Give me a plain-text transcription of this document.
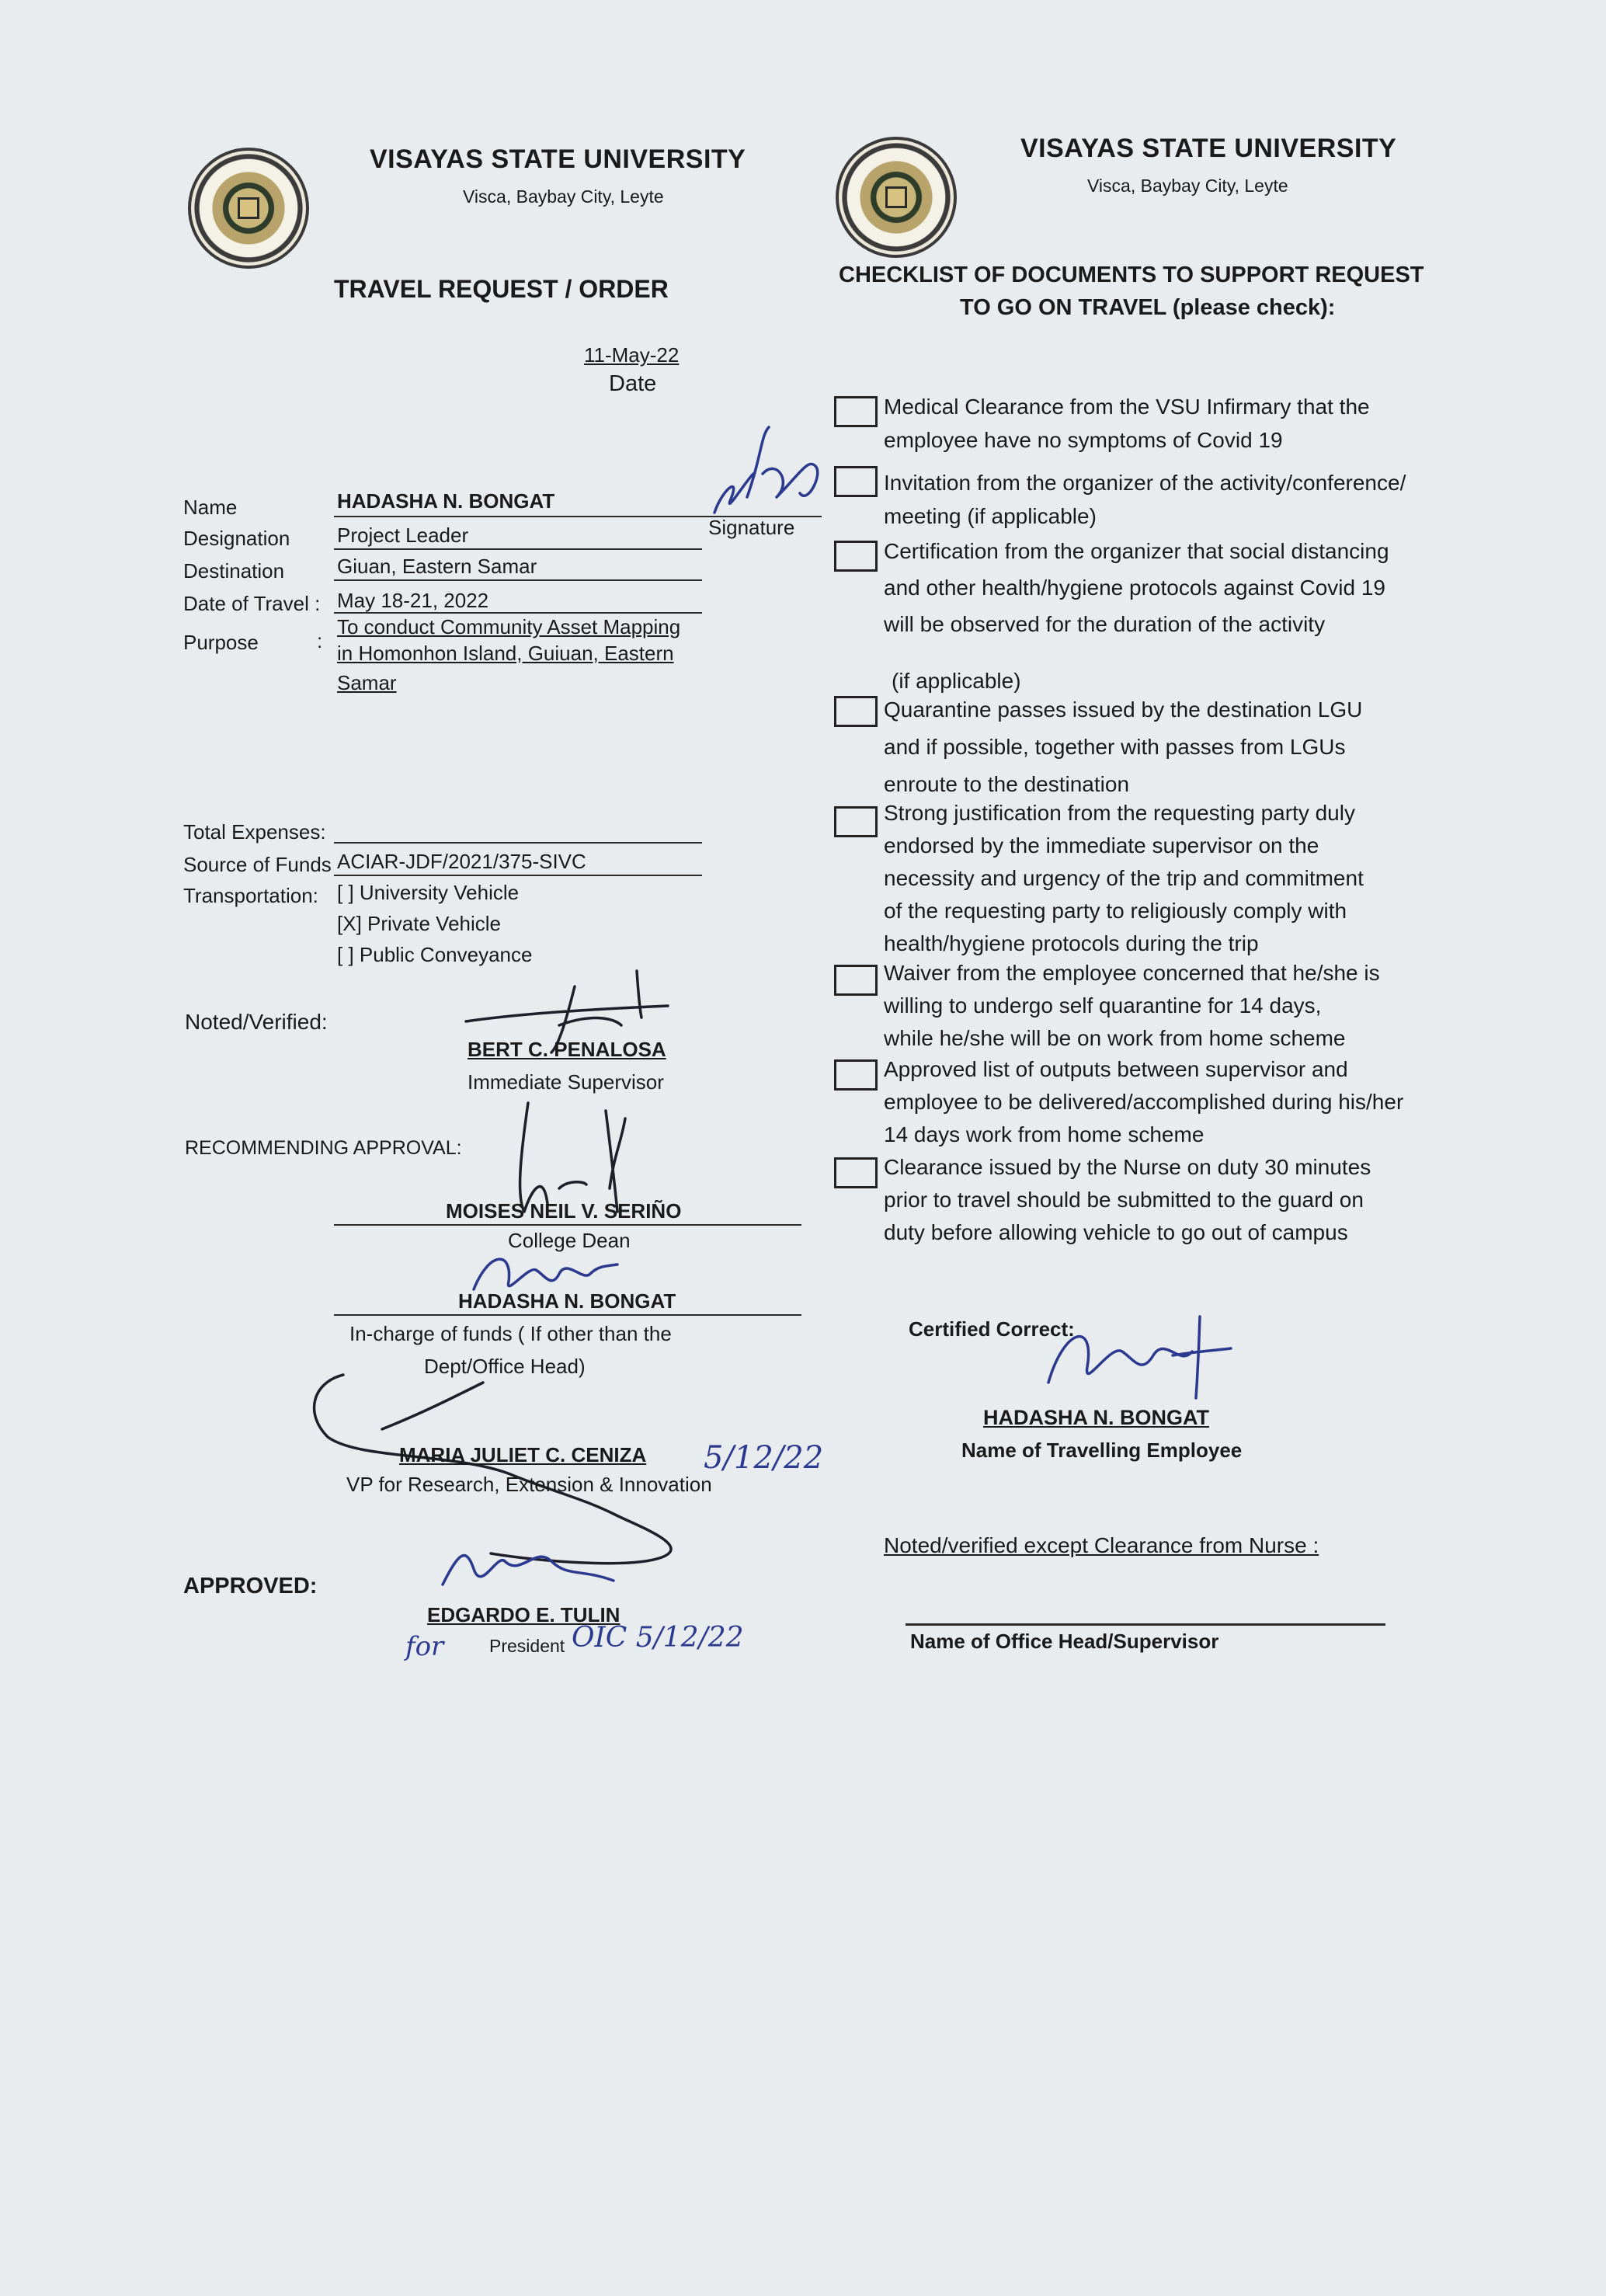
VISAYAS STATE UNIVERSITY
Visca, Baybay City, Leyte
TRAVEL REQUEST / ORDER
11-May-22
Date
Signature
Name	HADASHA N. BONGAT
Designation Project Leader
Destination	Giuan, Eastern Samar
Date of Travel : May 18-21, 2022
Purpose	:
To conduct Community Asset Mapping
in Homonhon Island, Guiuan, Eastern
Samar
Total Expenses:
Source of Funds ACIAR-JDF/2021/375-SIVC
Transportation: [ ] University Vehicle
[X] Private Vehicle
[ ] Public Conveyance
Noted/Verified:
BERT C. PENALOSA
Immediate Supervisor
RECOMMENDING APPROVAL:
MOISES NEIL V. SERIÑO
College Dean
HADASHA N. BONGAT
In-charge of funds ( If other than the
Dept/Office Head)
MARIA JULIET C. CENIZA 5/12/22
VP for Research, Extension & Innovation
APPROVED:
EDGARDO E. TULIN
President OIC 5/12/22
for
VISAYAS STATE UNIVERSITY
Visca, Baybay City, Leyte
CHECKLIST OF DOCUMENTS TO SUPPORT REQUEST
TO GO ON TRAVEL (please check):
Medical Clearance from the VSU Infirmary that the
employee have no symptoms of Covid 19
Invitation from the organizer of the activity/conference/
meeting (if applicable)
Certification from the organizer that social distancing
and other health/hygiene protocols against Covid 19
will be observed for the duration of the activity
(if applicable)
Quarantine passes issued by the destination LGU
and if possible, together with passes from LGUs
enroute to the destination
Strong justification from the requesting party duly
endorsed by the immediate supervisor on the
necessity and urgency of the trip and commitment
of the requesting party to religiously comply with
health/hygiene protocols during the trip
Waiver from the employee concerned that he/she is
willing to undergo self quarantine for 14 days,
while he/she will be on work from home scheme
Approved list of outputs between supervisor and
employee to be delivered/accomplished during his/her
14 days work from home scheme
Clearance issued by the Nurse on duty 30 minutes
prior to travel should be submitted to the guard on
duty before allowing vehicle to go out of campus
Certified Correct:
HADASHA N. BONGAT
Name of Travelling Employee
Noted/verified except Clearance from Nurse :
Name of Office Head/Supervisor
